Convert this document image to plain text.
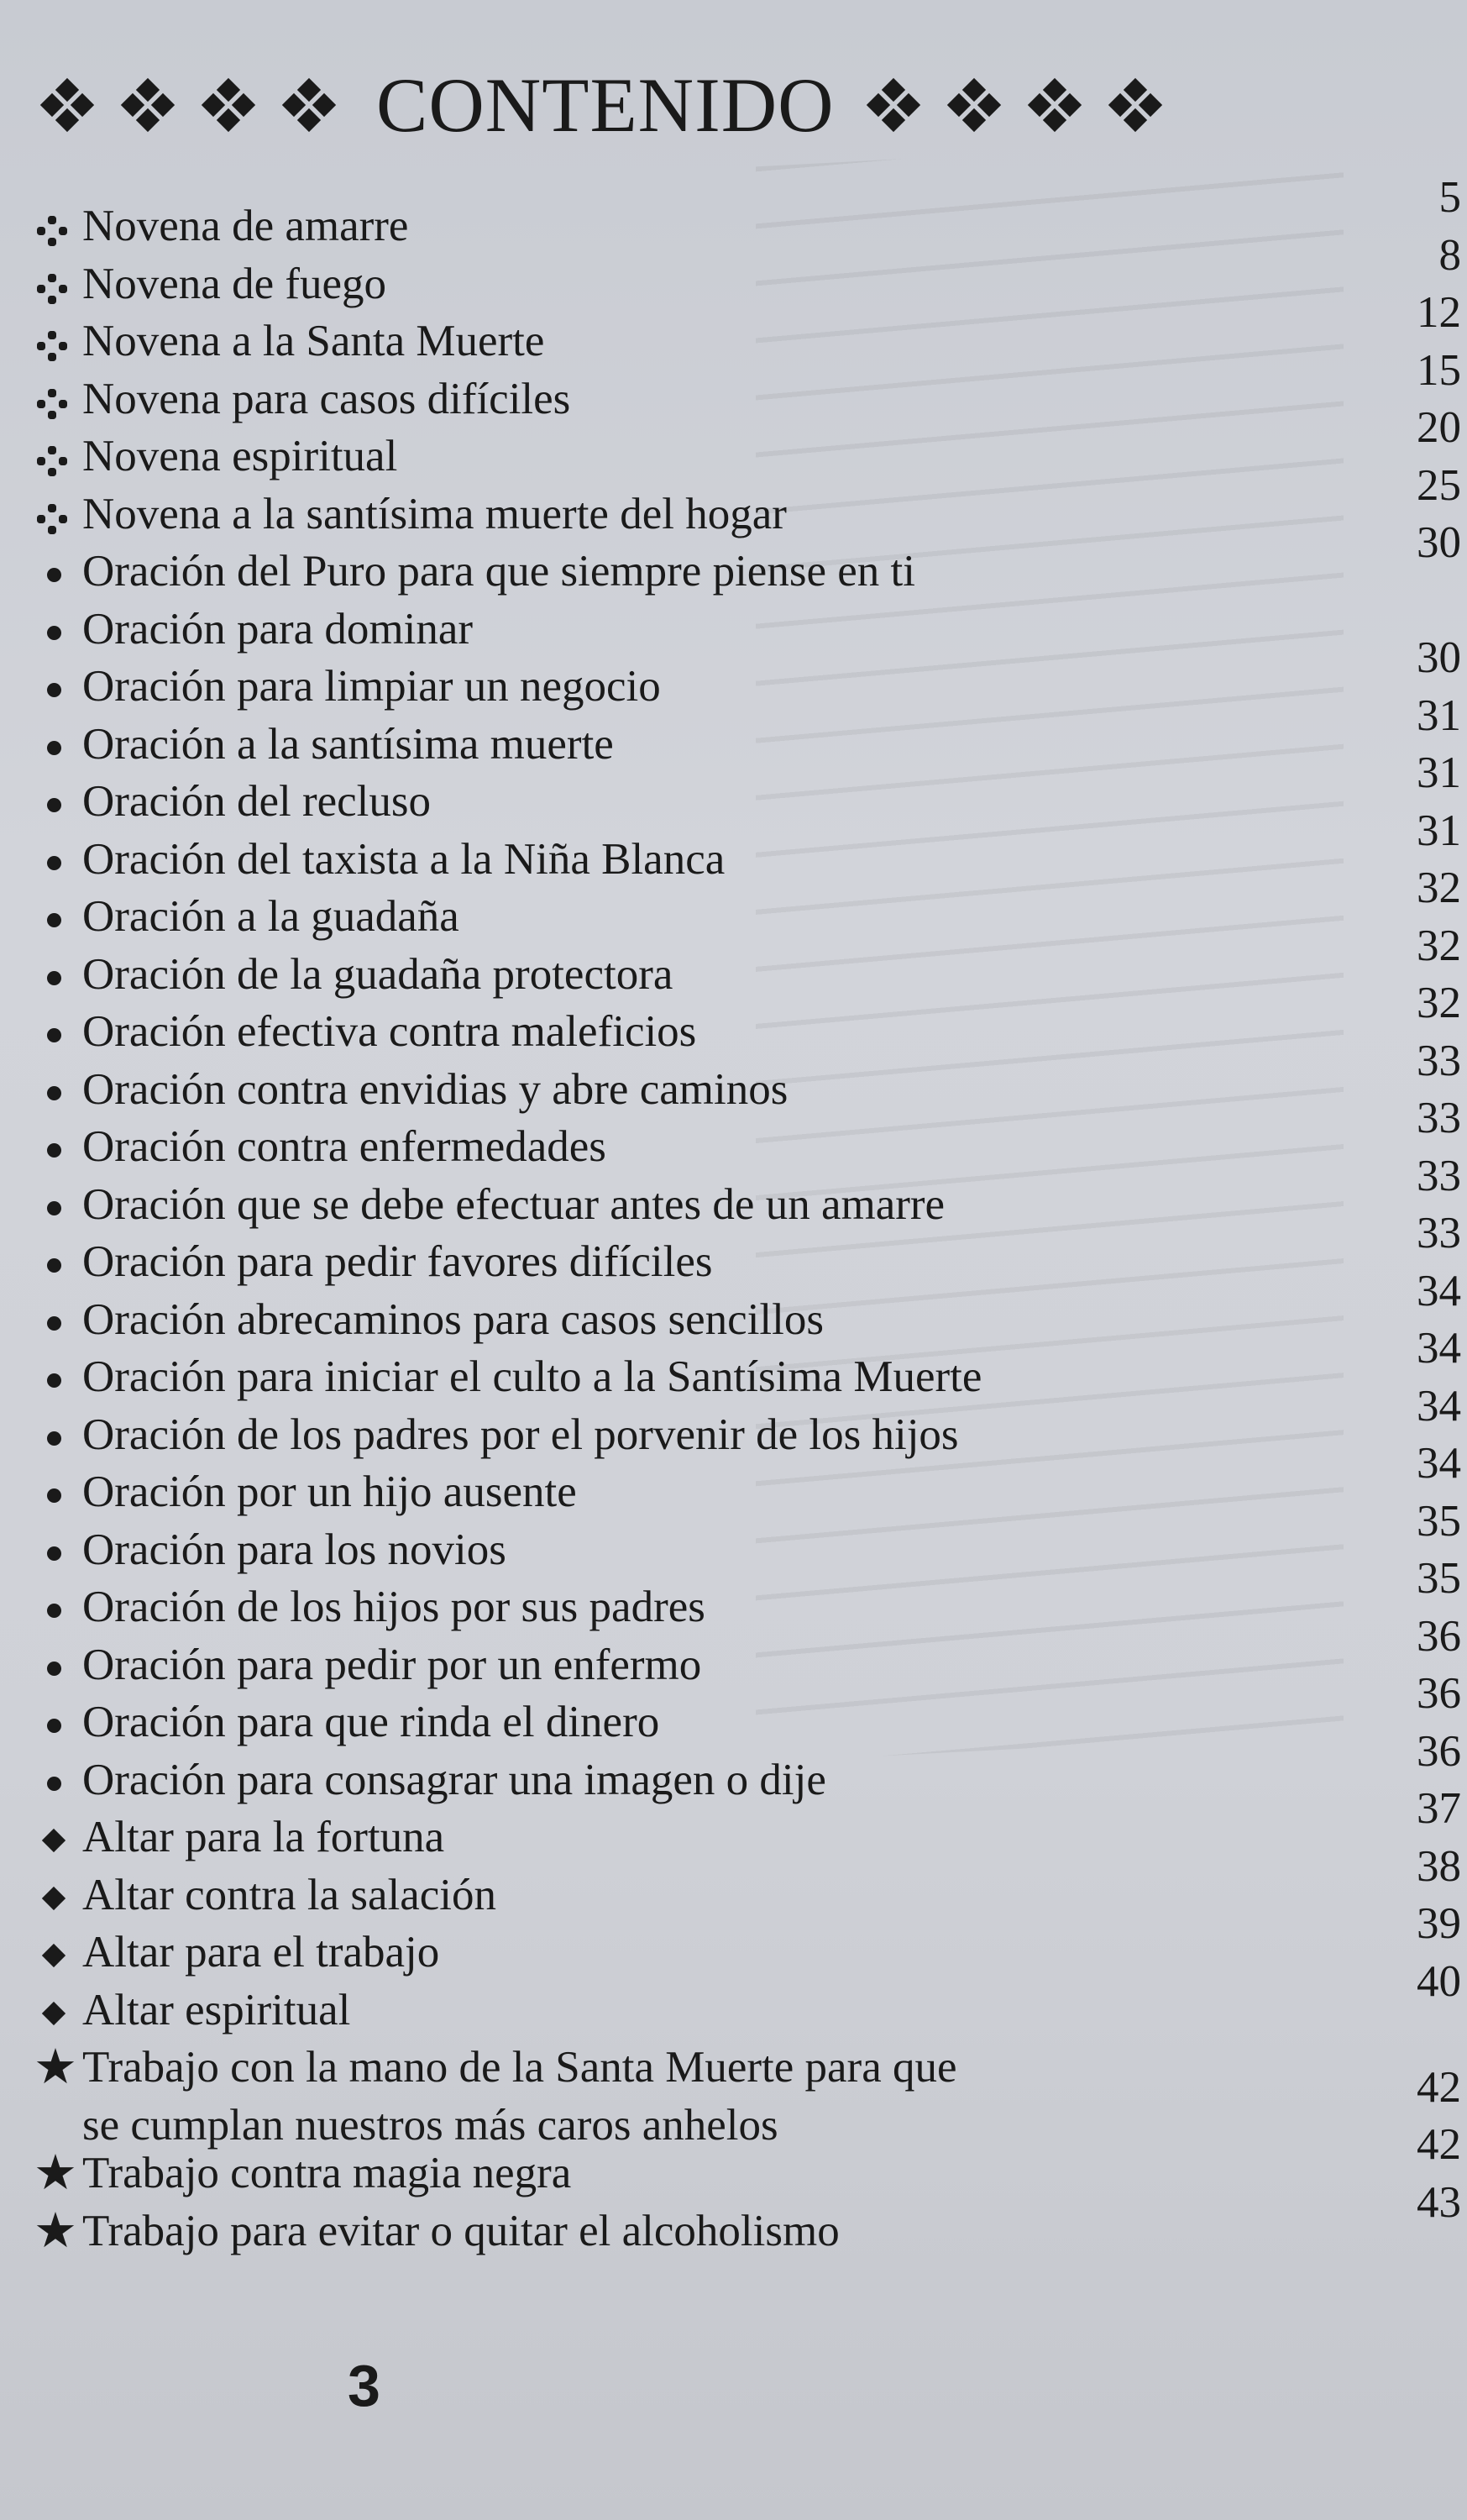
CONTENIDO
Novena de amarre
5
Novena de fuego
8
Novena a la Santa Muerte
12
Novena para casos difíciles
15
Novena espiritual
20
Novena a la santísima muerte del hogar
25
Oración del Puro para que siempre piense en ti
30
Oración para dominar
Oración para limpiar un negocio
30
Oración a la santísima muerte
31
Oración del recluso
31
Oración del taxista a la Niña Blanca
31
Oración a la guadaña
32
Oración de la guadaña protectora
32
Oración efectiva contra maleficios
32
Oración contra envidias y abre caminos
33
Oración contra enfermedades
33
Oración que se debe efectuar antes de un amarre
33
Oración para pedir favores difíciles
33
Oración abrecaminos para casos sencillos
34
Oración para iniciar el culto a la Santísima Muerte
34
Oración de los padres por el porvenir de los hijos
34
Oración por un hijo ausente
34
Oración para los novios
35
Oración de los hijos por sus padres
35
Oración para pedir por un enfermo
36
Oración para que rinda el dinero
36
Oración para consagrar una imagen o dije
36
Altar para la fortuna
37
Altar contra la salación
38
Altar para el trabajo
39
Altar espiritual
40
★ Trabajo con la mano de la Santa Muerte para que
se cumplan nuestros más caros anhelos
42
★ Trabajo contra magia negra
42
★ Trabajo para evitar o quitar el alcoholismo
43
3
